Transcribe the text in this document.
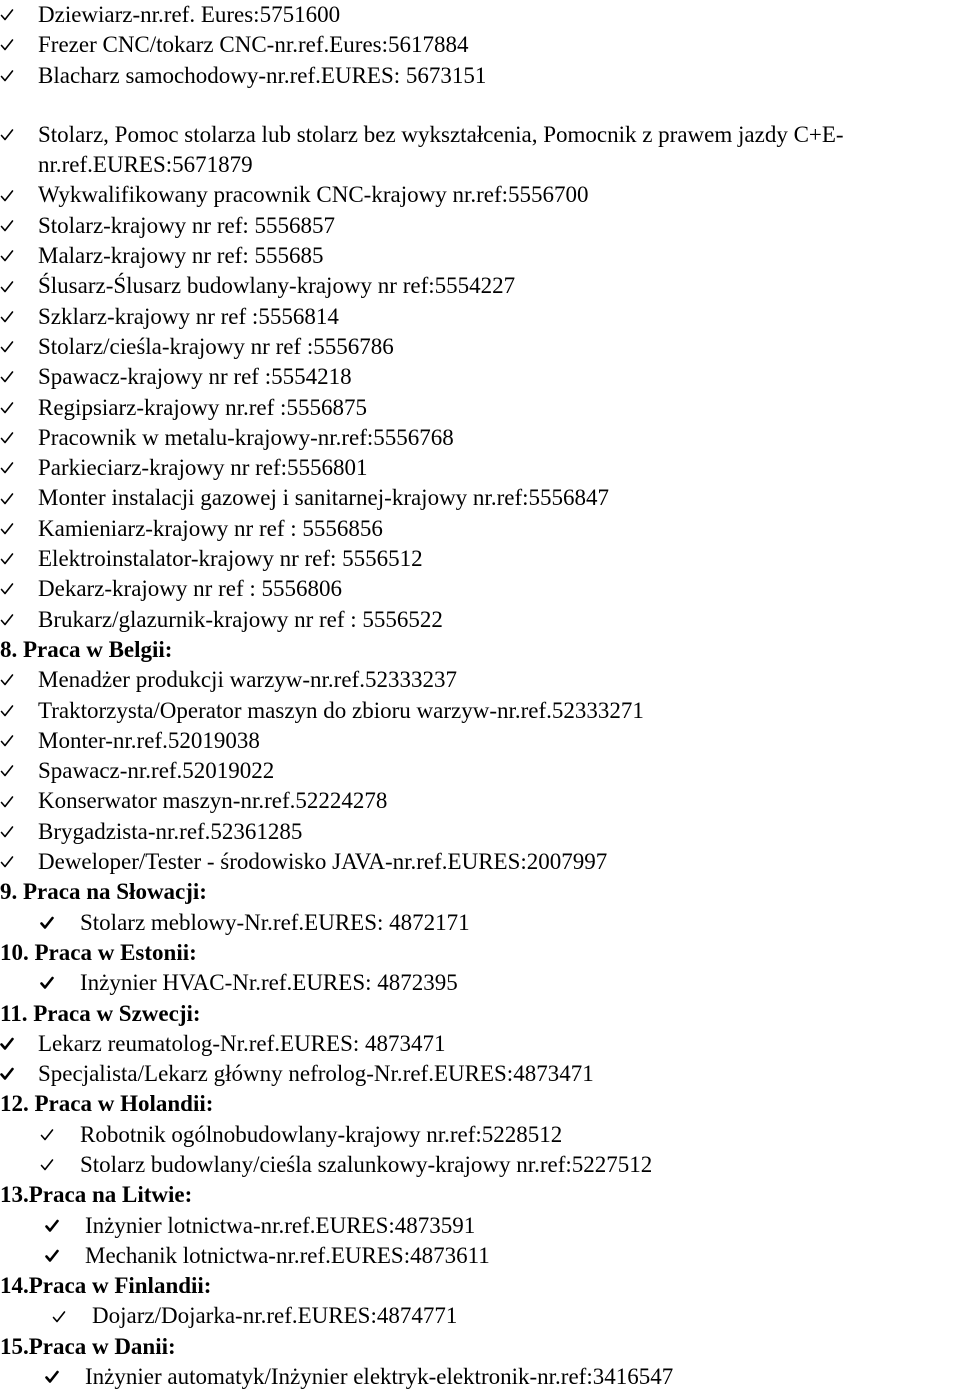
Dziewiarz-nr.ref. Eures:5751600
Frezer CNC/tokarz CNC-nr.ref.Eures:5617884
Blacharz samochodowy-nr.ref.EURES: 5673151
Stolarz, Pomoc stolarza lub stolarz bez wykształcenia, Pomocnik z prawem jazdy C+E-
nr.ref.EURES:5671879
Wykwalifikowany pracownik CNC-krajowy nr.ref:5556700
Stolarz-krajowy nr ref: 5556857
Malarz-krajowy nr ref: 555685
Ślusarz-Ślusarz budowlany-krajowy nr ref:5554227
Szklarz-krajowy nr ref :5556814
Stolarz/cieśla-krajowy nr ref :5556786
Spawacz-krajowy nr ref :5554218
Regipsiarz-krajowy nr.ref :5556875
Pracownik w metalu-krajowy-nr.ref:5556768
Parkieciarz-krajowy nr ref:5556801
Monter instalacji gazowej i sanitarnej-krajowy nr.ref:5556847
Kamieniarz-krajowy nr ref : 5556856
Elektroinstalator-krajowy nr ref: 5556512
Dekarz-krajowy nr ref : 5556806
Brukarz/glazurnik-krajowy nr ref : 5556522
8. Praca w Belgii:
Menadżer produkcji warzyw-nr.ref.52333237
Traktorzysta/Operator maszyn do zbioru warzyw-nr.ref.52333271
Monter-nr.ref.52019038
Spawacz-nr.ref.52019022
Konserwator maszyn-nr.ref.52224278
Brygadzista-nr.ref.52361285
Deweloper/Tester - środowisko JAVA-nr.ref.EURES:2007997
9. Praca na Słowacji:
Stolarz meblowy-Nr.ref.EURES: 4872171
10. Praca w Estonii:
Inżynier HVAC-Nr.ref.EURES: 4872395
11. Praca w Szwecji:
Lekarz reumatolog-Nr.ref.EURES: 4873471
Specjalista/Lekarz główny nefrolog-Nr.ref.EURES:4873471
12. Praca w Holandii:
Robotnik ogólnobudowlany-krajowy nr.ref:5228512
Stolarz budowlany/cieśla szalunkowy-krajowy nr.ref:5227512
13.Praca na Litwie:
Inżynier lotnictwa-nr.ref.EURES:4873591
Mechanik lotnictwa-nr.ref.EURES:4873611
14.Praca w Finlandii:
Dojarz/Dojarka-nr.ref.EURES:4874771
15.Praca w Danii:
Inżynier automatyk/Inżynier elektryk-elektronik-nr.ref:3416547
